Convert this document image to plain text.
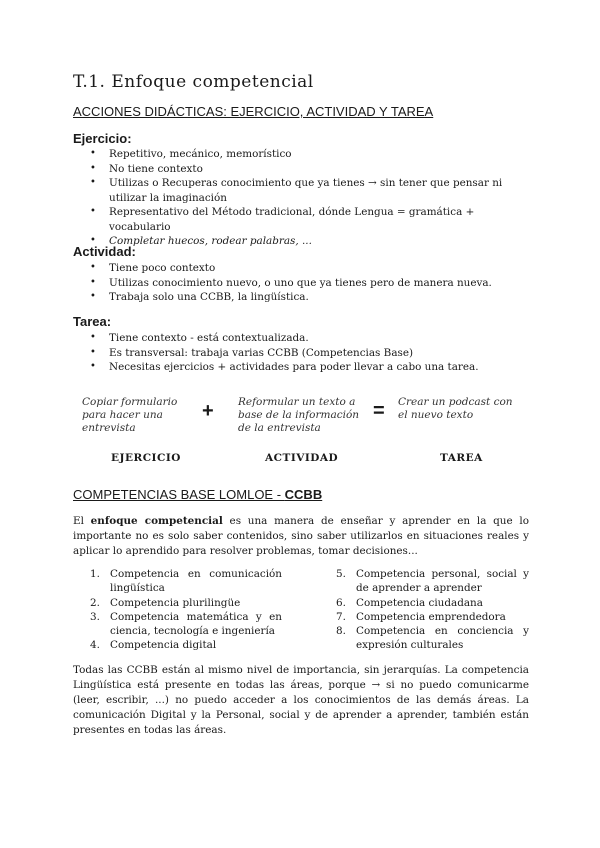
T.1. Enfoque competencial
ACCIONES DIDÁCTICAS: EJERCICIO, ACTIVIDAD Y TAREA
Ejercicio:
• Repetitivo, mecánico, memorístico
• No tiene contexto
• Utilizas o Recuperas conocimiento que ya tienes → sin tener que pensar ni utilizar la imaginación
• Representativo del Método tradicional, dónde Lengua = gramática + vocabulario
• Completar huecos, rodear palabras, ...
Actividad:
• Tiene poco contexto
• Utilizas conocimiento nuevo, o uno que ya tienes pero de manera nueva.
• Trabaja solo una CCBB, la lingüística.
Tarea:
• Tiene contexto - está contextualizada.
• Es transversal: trabaja varias CCBB (Competencias Base)
• Necesitas ejercicios + actividades para poder llevar a cabo una tarea.
Copiar formulario para hacer una entrevista
+ Reformular un texto a base de la información de la entrevista
= Crear un podcast con el nuevo texto
EJERCICIO	ACTIVIDAD	TAREA
COMPETENCIAS BASE LOMLOE - CCBB

El enfoque competencial es una manera de enseñar y aprender en la que lo importante no es solo saber contenidos, sino saber utilizarlos en situaciones reales y aplicar lo aprendido para resolver problemas, tomar decisiones...

1. Competencia en comunicación lingüística
2. Competencia plurilingüe
3. Competencia matemática y en ciencia, tecnología e ingeniería
4. Competencia digital
5. Competencia personal, social y de aprender a aprender
6. Competencia ciudadana
7. Competencia emprendedora
8. Competencia en conciencia y expresión culturales

Todas las CCBB están al mismo nivel de importancia, sin jerarquías. La competencia Lingüística está presente en todas las áreas, porque → si no puedo comunicarme (leer, escribir, ...) no puedo acceder a los conocimientos de las demás áreas. La comunicación Digital y la Personal, social y de aprender a aprender, también están presentes en todas las áreas.
